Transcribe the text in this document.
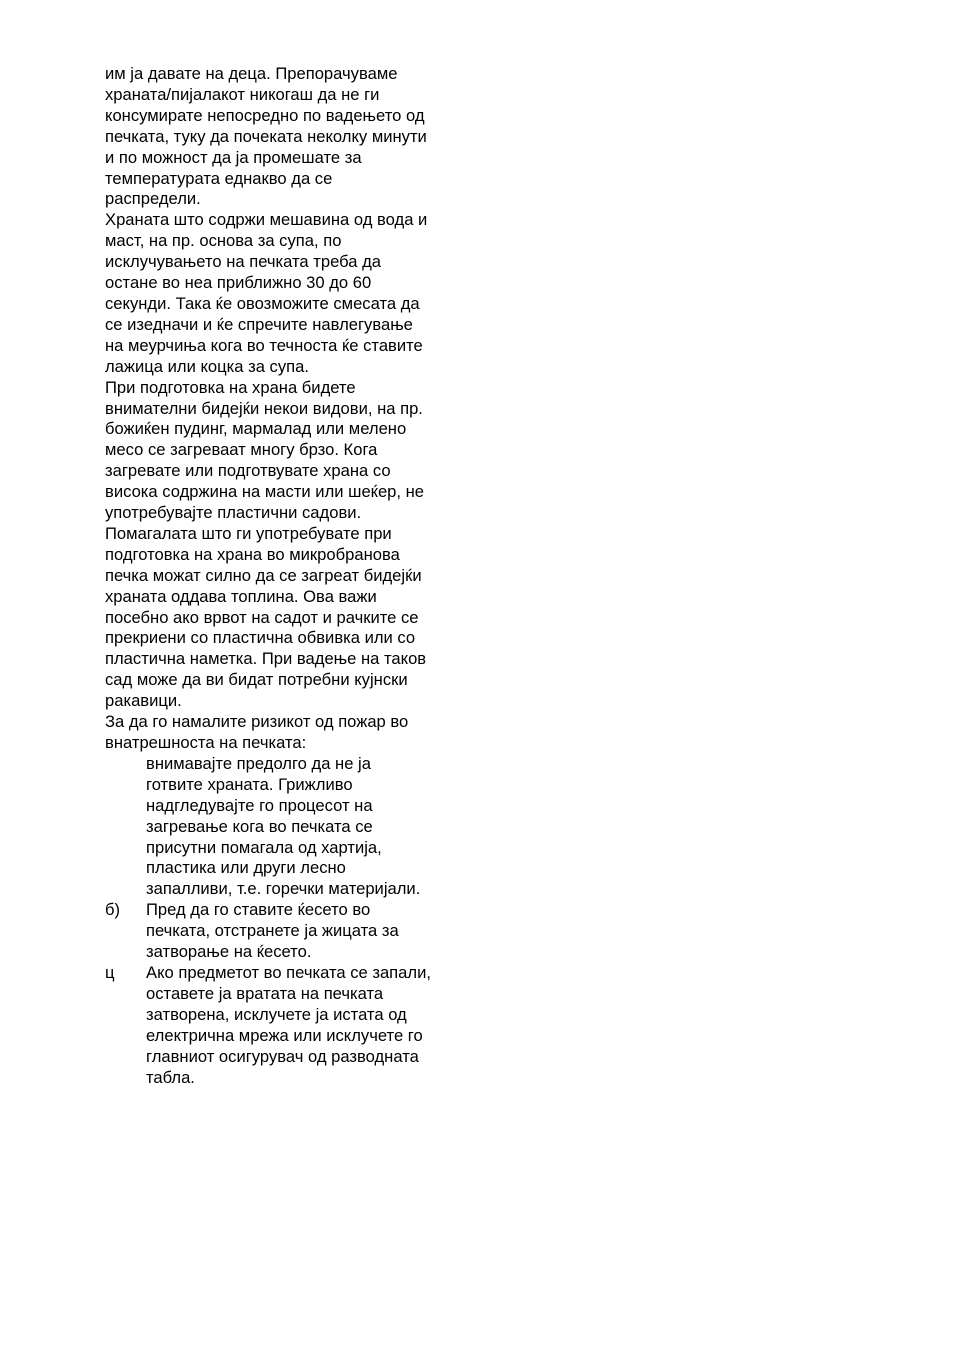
им ја давате на деца. Препорачуваме
храната/пијалакот никогаш да не ги
консумирате непосредно по вадењето од
печката, туку да почеката неколку минути
и по можност да ја промешате за
температурата еднакво да се
распредели.

Храната што содржи мешавина од вода и
маст, на пр. основа за супа, по
исклучувањето на печката треба да
остане во неа приближно 30 до 60
секунди. Така ќе овозможите смесата да
се изедначи и ќе спречите навлегување
на меурчиња кога во течноста ќе ставите
лажица или коцка за супа.

При подготовка на храна бидете
внимателни бидејќи некои видови, на пр.
божиќен пудинг, мармалад или мелено
месо се загреваат многу брзо. Кога
загревате или подготвувате храна со
висока содржина на масти или шеќер, не
употребувајте пластични садови.

Помагалата што ги употребувате при
подготовка на храна во микробранова
печка можат силно да се загреат бидејќи
храната оддава топлина. Ова важи
посебно ако врвот на садот и рачките се
прекриени со пластична обвивка или со
пластична наметка. При вадење на таков
сад може да ви бидат потребни кујнски
ракавици.

За да го намалите ризикот од пожар во
внатрешноста на печката:

внимавајте предолго да не ја
готвите храната. Грижливо
надгледувајте го процесот на
загревање кога во печката се
присутни помагала од хартија,
пластика или други лесно
запалливи, т.е. горечки материјали.
б) Пред да го ставите ќесето во
печката, отстранете ја жицата за
затворање на ќесето.
ц Ако предметот во печката се запали,
оставете ја вратата на печката
затворена, исклучете ја истата од
електрична мрежа или исклучете го
главниот осигурувач од разводната
табла.
